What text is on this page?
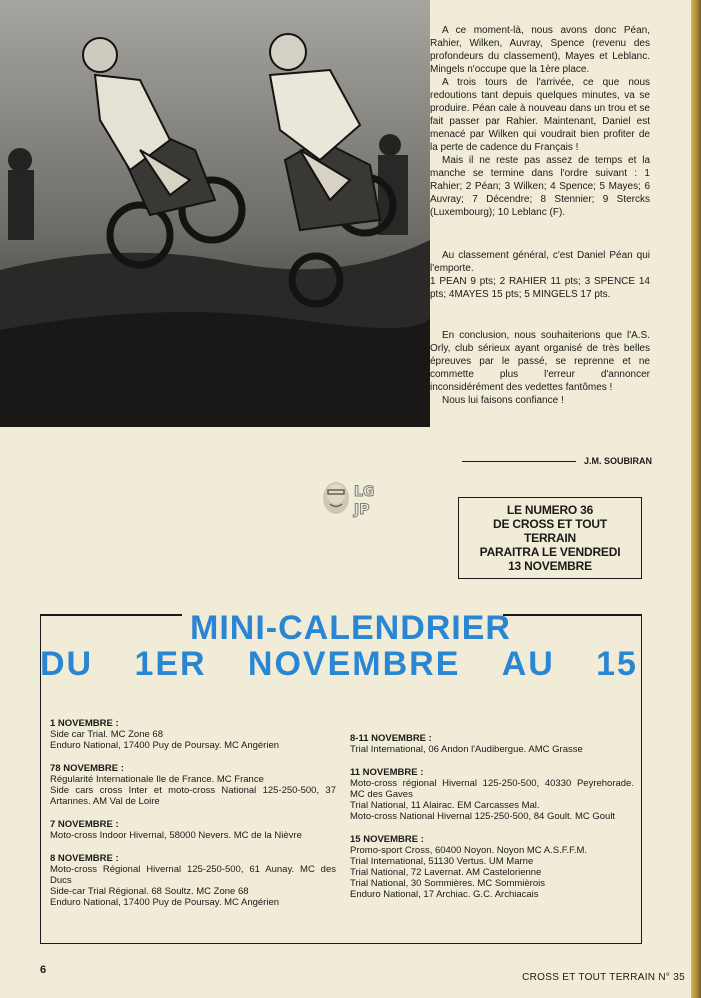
A ce moment-là, nous avons donc Péan, Rahier, Wilken, Auvray, Spence (revenu des profondeurs du classement), Mayes et Leblanc. Mingels n'occupe que la 1ère place.

A trois tours de l'arrivée, ce que nous redoutions tant depuis quelques minutes, va se produire. Péan cale à nouveau dans un trou et se fait passer par Rahier. Maintenant, Daniel est menacé par Wilken qui voudrait bien profiter de la perte de cadence du Français !

Mais il ne reste pas assez de temps et la manche se termine dans l'ordre suivant : 1 Rahier; 2 Péan; 3 Wilken; 4 Spence; 5 Mayes; 6 Auvray; 7 Décendre; 8 Stennier; 9 Stercks (Luxembourg); 10 Leblanc (F).

Au classement général, c'est Daniel Péan qui l'emporte.

1 PEAN 9 pts; 2 RAHIER 11 pts; 3 SPENCE 14 pts; 4MAYES 15 pts; 5 MINGELS 17 pts.

En conclusion, nous souhaiterions que l'A.S. Orly, club sérieux ayant organisé de très belles épreuves par le passé, se reprenne et ne commette plus l'erreur d'annoncer inconsidérément des vedettes fantômes !

Nous lui faisons confiance !

J.M. SOUBIRAN
LG
JP	LE NUMERO 36
DE CROSS ET TOUT
TERRAIN
PARAITRA LE VENDREDI
13 NOVEMBRE
MINI-CALENDRIER
DU 1ER NOVEMBRE AU 15
1 NOVEMBRE :
Side car Trial. MC Zone 68
Enduro National, 17400 Puy de Poursay. MC Angérien
78 NOVEMBRE :
Régularité Internationale Ile de France. MC France
Side cars cross Inter et moto-cross National 125-250-500, 37 Artannes. AM Val de Loire
7 NOVEMBRE :
Moto-cross Indoor Hivernal, 58000 Nevers. MC de la Nièvre
8 NOVEMBRE :
Moto-cross Régional Hivernal 125-250-500, 61 Aunay. MC des Ducs
Side-car Trial Régional. 68 Soultz. MC Zone 68
Enduro National, 17400 Puy de Poursay. MC Angérien
8-11 NOVEMBRE :
Trial International, 06 Andon l'Audibergue. AMC Grasse
11 NOVEMBRE :
Moto-cross régional Hivernal 125-250-500, 40330 Peyrehorade. MC des Gaves
Trial National, 11 Alairac. EM Carcasses Mal.
Moto-cross National Hivernal 125-250-500, 84 Goult. MC Goult
15 NOVEMBRE :
Promo-sport Cross, 60400 Noyon. Noyon MC A.S.F.F.M.
Trial International, 51130 Vertus. UM Marne
Trial National, 72 Lavernat. AM Castelorienne
Trial National, 30 Sommières. MC Sommièrois
Enduro National, 17 Archiac. G.C. Archiacais
6
CROSS ET TOUT TERRAIN N° 35
